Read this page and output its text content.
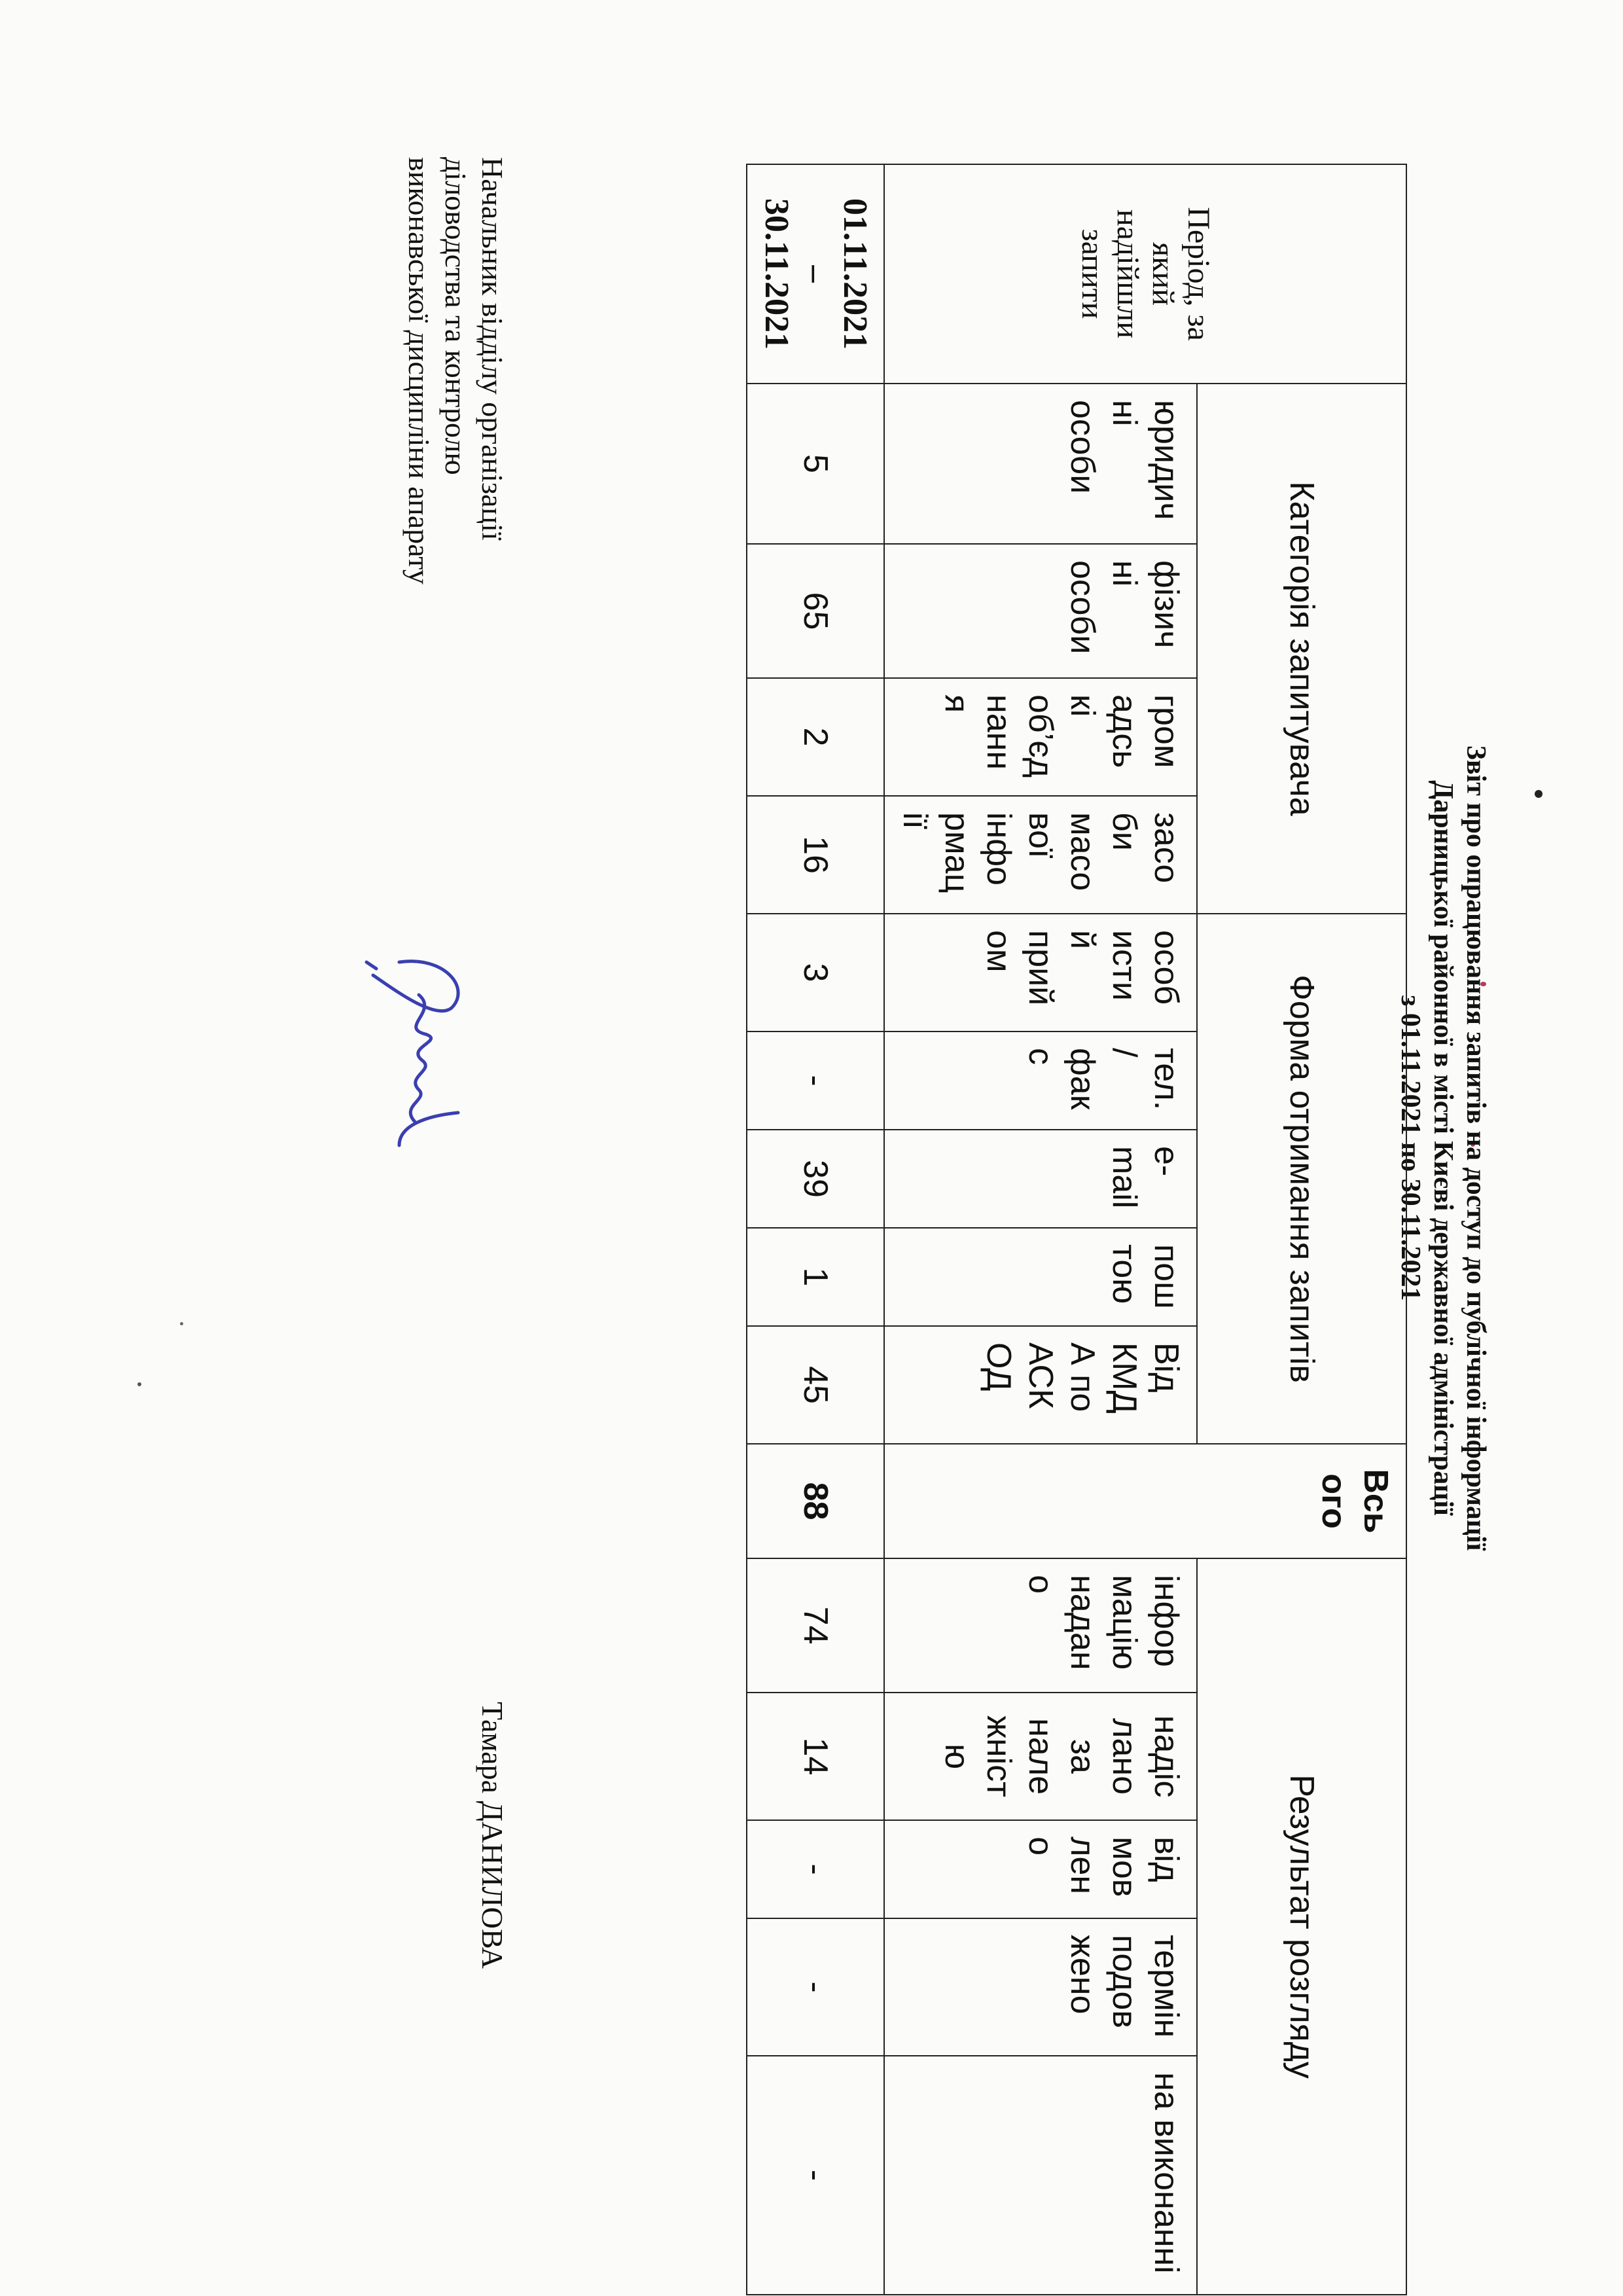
Звіт про опрацювання запитів на доступ до публічної інформації
Дарницької районної в місті Києві державної адміністрації
з 01.11.2021 по 30.11.2021
Період, за який надійшли запити	Категорія запитувача				Форма отримання запитів					Всього	Результат розгляду				
	юридичні особи	фізичні особи	громадські об’єднання	засоби масової інформації	особистий прийом	тел./факс	e-mail	поштою	Від КМДА по АСКОД		інформацію надано	надіслано за належністю	відмовлено	термін подовжено	на виконанні

01.11.2021
–
30.11.2021	5	65	2	16	3	-	39	1	45	88	74	14	-	-	-
Начальник відділу організації
діловодства та контролю
виконавської дисципліни апарату
Тамара ДАНИЛОВА
